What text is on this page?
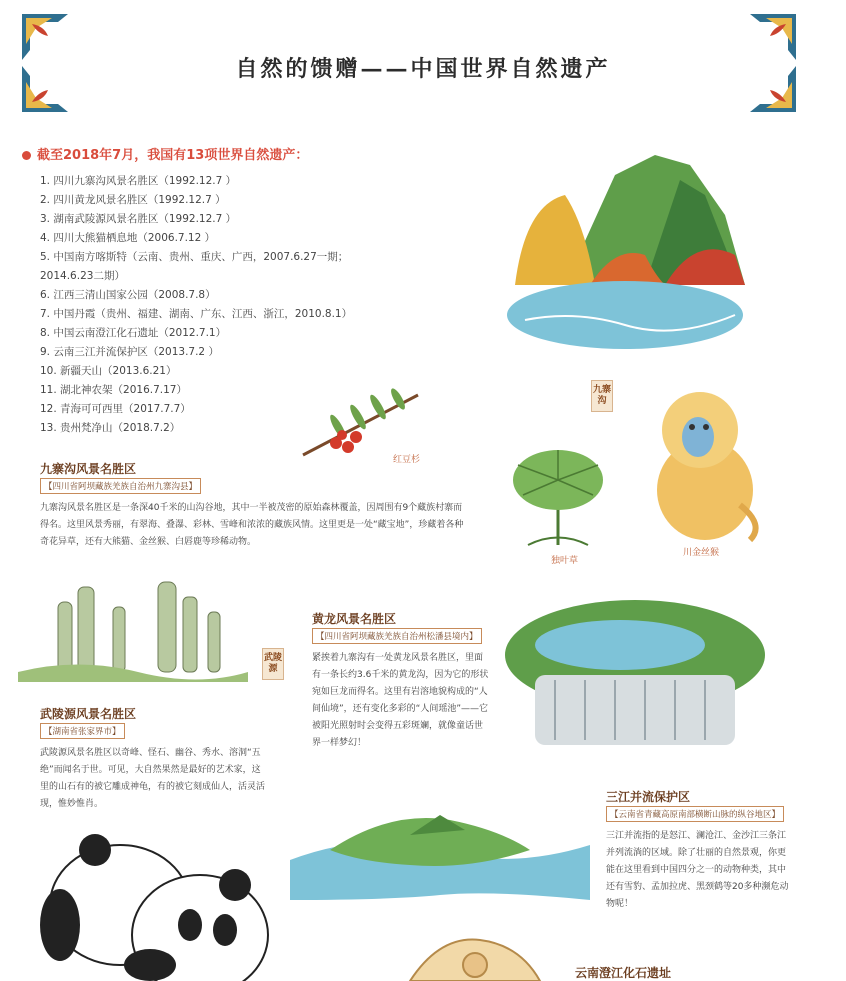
自然的馈赠——中国世界自然遗产
截至2018年7月，我国有13项世界自然遗产：
1. 四川九寨沟风景名胜区（1992.12.7 ）
2. 四川黄龙风景名胜区（1992.12.7 ）
3. 湖南武陵源风景名胜区（1992.12.7 ）
4. 四川大熊猫栖息地（2006.7.12 ）
5. 中国南方喀斯特（云南、贵州、重庆、广西，2007.6.27一期；2014.6.23二期）
6. 江西三清山国家公园（2008.7.8）
7. 中国丹霞（贵州、福建、湖南、广东、江西、浙江，2010.8.1）
8. 中国云南澄江化石遗址（2012.7.1）
9. 云南三江并流保护区（2013.7.2 ）
10. 新疆天山（2013.6.21）
11. 湖北神农架（2016.7.17）
12. 青海可可西里（2017.7.7）
13. 贵州梵净山（2018.7.2）
九寨沟
红豆杉
独叶草
川金丝猴
九寨沟风景名胜区
【四川省阿坝藏族羌族自治州九寨沟县】
九寨沟风景名胜区是一条深40千米的山沟谷地，其中一半被茂密的原始森林覆盖，因周围有9个藏族村寨而得名。这里风景秀丽，有翠海、叠瀑、彩林、雪峰和浓浓的藏族风情。这里更是一处“藏宝地”，珍藏着各种奇花异草，还有大熊猫、金丝猴、白唇鹿等珍稀动物。
武陵源
武陵源风景名胜区
【湖南省张家界市】
武陵源风景名胜区以奇峰、怪石、幽谷、秀水、溶洞“五绝”而闻名于世。可见，大自然果然是最好的艺术家，这里的山石有的被它雕成神龟，有的被它刻成仙人，活灵活现，惟妙惟肖。
黄龙风景名胜区
【四川省阿坝藏族羌族自治州松潘县境内】
紧挨着九寨沟有一处黄龙风景名胜区，里面有一条长约3.6千米的黄龙沟，因为它的形状宛如巨龙而得名。这里有岩溶地貌构成的“人间仙境”，还有变化多彩的“人间瑶池”——它被阳光照射时会变得五彩斑斓，就像童话世界一样梦幻！
三江并流保护区
【云南省青藏高原南部横断山脉的纵谷地区】
三江并流指的是怒江、澜沧江、金沙江三条江并列流淌的区域。除了壮丽的自然景观，你更能在这里看到中国四分之一的动物种类，其中还有雪豹、孟加拉虎、黑颈鹤等20多种濒危动物呢！
云南澄江化石遗址
